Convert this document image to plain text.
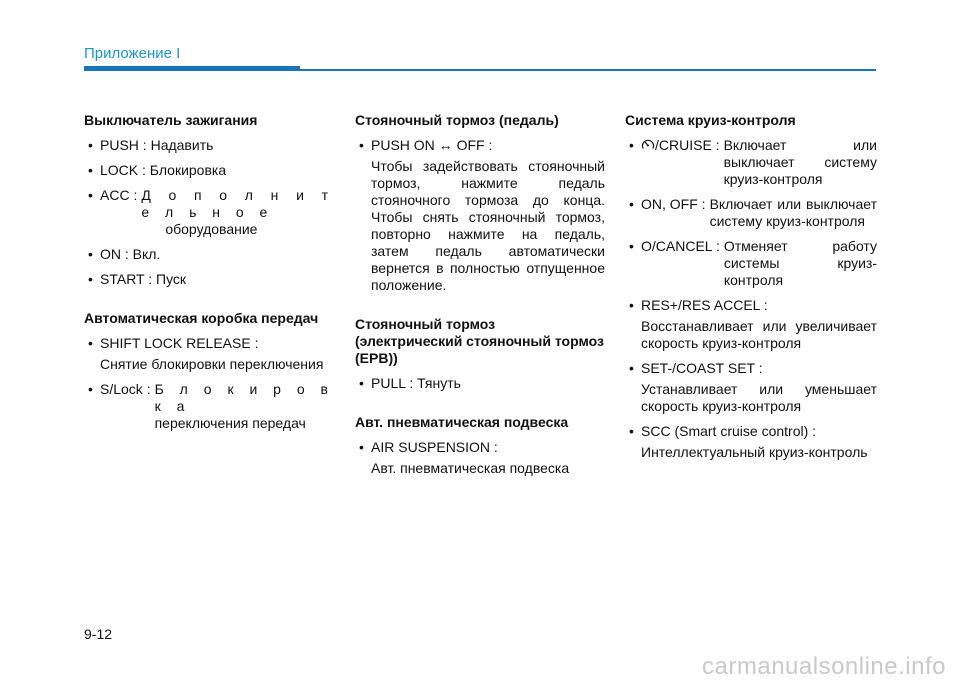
Приложение I
Выключатель зажигания
• PUSH : Надавить
• LOCK : Блокировка
• ACC : Д о п о л н и т е л ь н о е
оборудование
• ON : Вкл.
• START : Пуск
Автоматическая коробка передач
• SHIFT LOCK RELEASE :
Снятие блокировки переключения
• S/Lock : Б л о к и р о в к а
переключения передач
Стояночный тормоз (педаль)
• PUSH ON ↔ OFF :
Чтобы задействовать стояночный тормоз, нажмите педаль стояночного тормоза до конца. Чтобы снять стояночный тормоз, повторно нажмите на педаль, затем педаль автоматически вернется в полностью отпущенное положение.
Стояночный тормоз (электрический стояночный тормоз (EPB))
• PULL : Тянуть
Авт. пневматическая подвеска
• AIR SUSPENSION :
Авт. пневматическая подвеска
Система круиз-контроля
•	/CRUISE : Включает или выключает систему круиз-контроля
• ON, OFF : Включает или выключает систему круиз-контроля
• O/CANCEL : Отменяет работу системы круиз-контроля
• RES+/RES ACCEL :
Восстанавливает или увеличивает скорость круиз-контроля
• SET-/COAST SET :
Устанавливает или уменьшает скорость круиз-контроля
• SCC (Smart cruise control) :
Интеллектуальный круиз-контроль
9-12
carmanualsonline.info
